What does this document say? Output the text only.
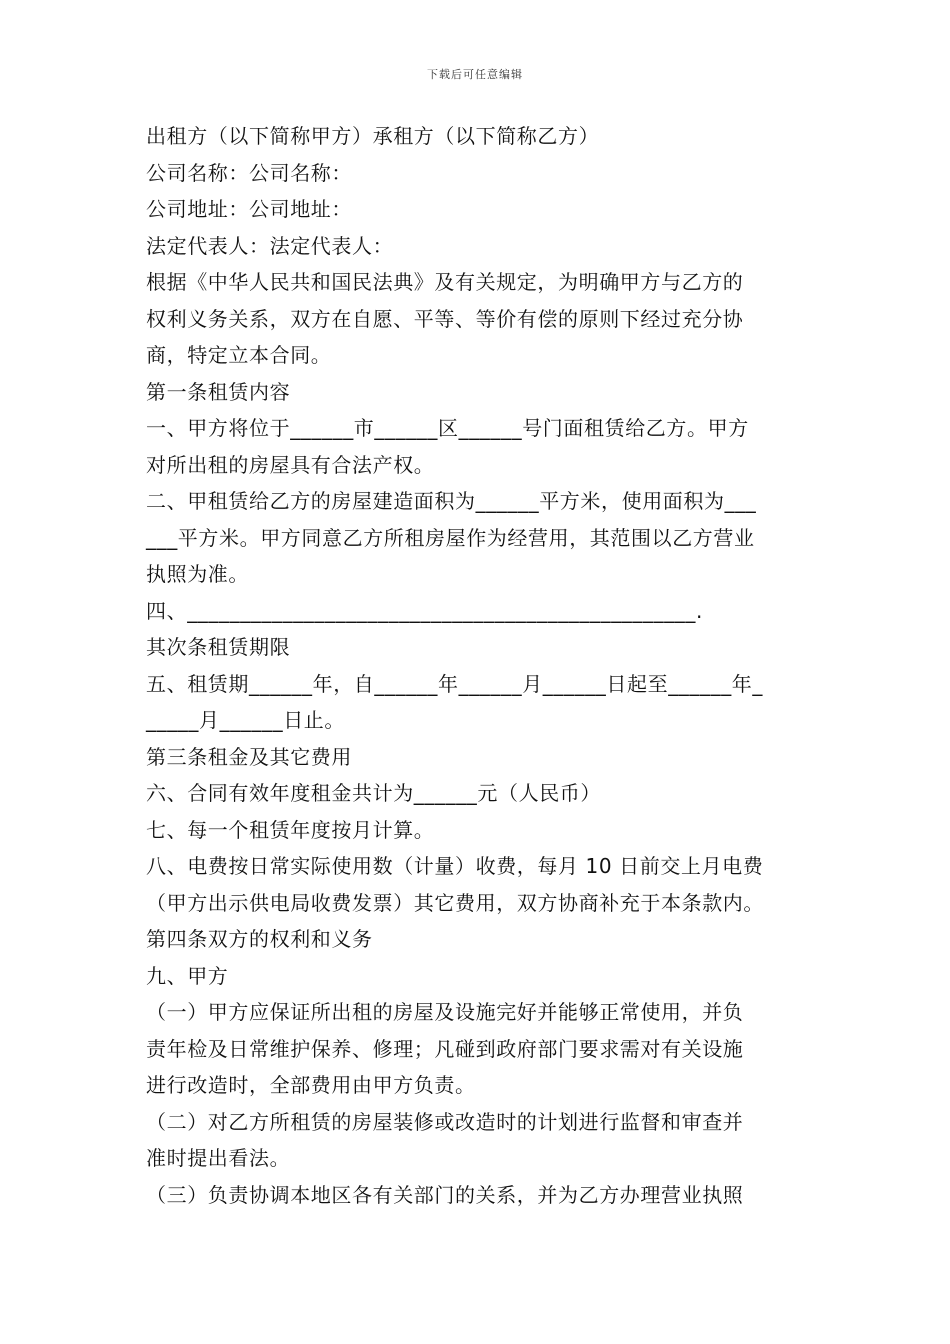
下载后可任意编辑
出租方（以下简称甲方）承租方（以下简称乙方）
公司名称：公司名称：
公司地址：公司地址：
法定代表人：法定代表人：
根据《中华人民共和国民法典》及有关规定，为明确甲方与乙方的
权利义务关系，双方在自愿、平等、等价有偿的原则下经过充分协
商，特定立本合同。
第一条租赁内容
一、甲方将位于______市______区______号门面租赁给乙方。甲方
对所出租的房屋具有合法产权。
二、甲租赁给乙方的房屋建造面积为______平方米，使用面积为___
___平方米。甲方同意乙方所租房屋作为经营用，其范围以乙方营业
执照为准。
四、________________________________________________.
其次条租赁期限
五、租赁期______年，自______年______月______日起至______年_
_____月______日止。
第三条租金及其它费用
六、合同有效年度租金共计为______元（人民币）
七、每一个租赁年度按月计算。
八、电费按日常实际使用数（计量）收费，每月 10 日前交上月电费
（甲方出示供电局收费发票）其它费用，双方协商补充于本条款内。
第四条双方的权利和义务
九、甲方
（一）甲方应保证所出租的房屋及设施完好并能够正常使用，并负
责年检及日常维护保养、修理；凡碰到政府部门要求需对有关设施
进行改造时，全部费用由甲方负责。
（二）对乙方所租赁的房屋装修或改造时的计划进行监督和审查并
准时提出看法。
（三）负责协调本地区各有关部门的关系，并为乙方办理营业执照
